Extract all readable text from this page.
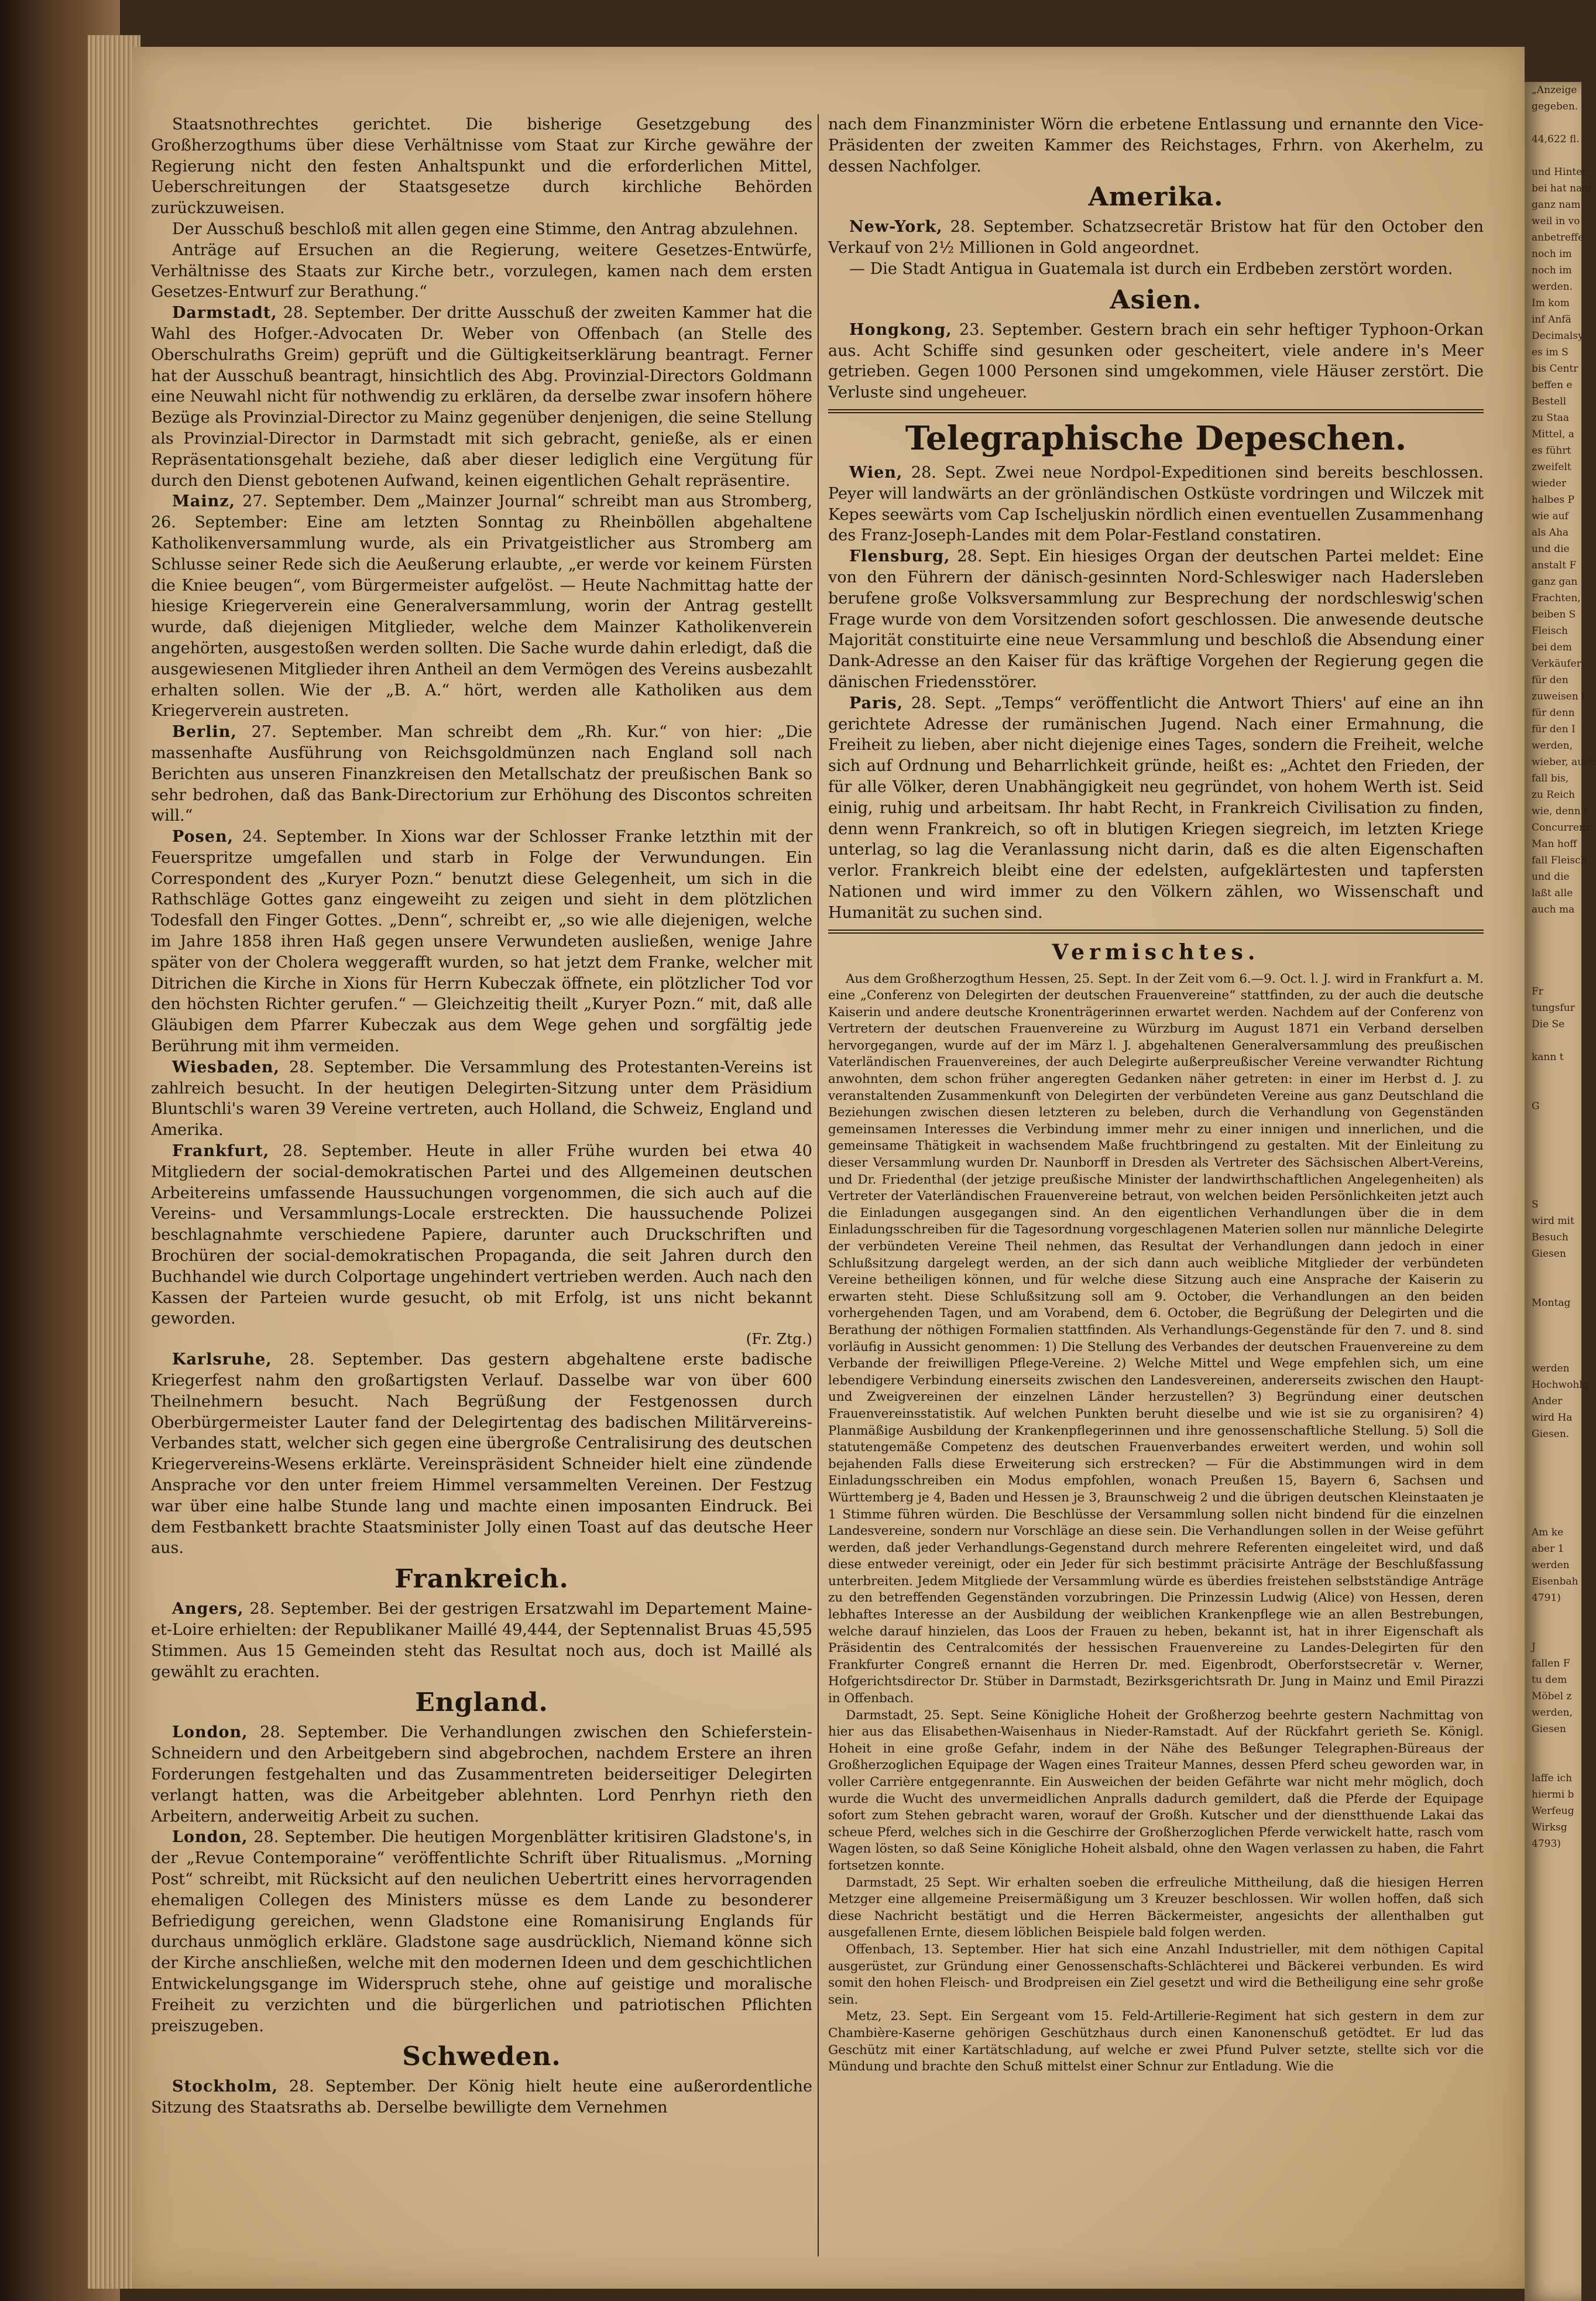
Staatsnothrechtes gerichtet. Die bisherige Gesetzgebung des Großherzogthums über diese Verhältnisse vom Staat zur Kirche gewähre der Regierung nicht den festen Anhaltspunkt und die erforderlichen Mittel, Ueberschreitungen der Staatsgesetze durch kirchliche Behörden zurückzuweisen.

Der Ausschuß beschloß mit allen gegen eine Stimme, den Antrag abzulehnen.

Anträge auf Ersuchen an die Regierung, weitere Gesetzes-Entwürfe, Verhältnisse des Staats zur Kirche betr., vorzulegen, kamen nach dem ersten Gesetzes-Entwurf zur Berathung.“

Darmstadt, 28. September. Der dritte Ausschuß der zweiten Kammer hat die Wahl des Hofger.-Advocaten Dr. Weber von Offenbach (an Stelle des Oberschulraths Greim) geprüft und die Gültigkeitserklärung beantragt. Ferner hat der Ausschuß beantragt, hinsichtlich des Abg. Provinzial-Directors Goldmann eine Neuwahl nicht für nothwendig zu erklären, da derselbe zwar insofern höhere Bezüge als Provinzial-Director zu Mainz gegenüber denjenigen, die seine Stellung als Provinzial-Director in Darmstadt mit sich gebracht, genieße, als er einen Repräsentationsgehalt beziehe, daß aber dieser lediglich eine Vergütung für durch den Dienst gebotenen Aufwand, keinen eigentlichen Gehalt repräsentire.

Mainz, 27. September. Dem „Mainzer Journal“ schreibt man aus Stromberg, 26. September: Eine am letzten Sonntag zu Rheinböllen abgehaltene Katholikenversammlung wurde, als ein Privatgeistlicher aus Stromberg am Schlusse seiner Rede sich die Aeußerung erlaubte, „er werde vor keinem Fürsten die Kniee beugen“, vom Bürgermeister aufgelöst. — Heute Nachmittag hatte der hiesige Kriegerverein eine Generalversammlung, worin der Antrag gestellt wurde, daß diejenigen Mitglieder, welche dem Mainzer Katholikenverein angehörten, ausgestoßen werden sollten. Die Sache wurde dahin erledigt, daß die ausgewiesenen Mitglieder ihren Antheil an dem Vermögen des Vereins ausbezahlt erhalten sollen. Wie der „B. A.“ hört, werden alle Katholiken aus dem Kriegerverein austreten.

Berlin, 27. September. Man schreibt dem „Rh. Kur.“ von hier: „Die massenhafte Ausführung von Reichsgoldmünzen nach England soll nach Berichten aus unseren Finanzkreisen den Metallschatz der preußischen Bank so sehr bedrohen, daß das Bank-Directorium zur Erhöhung des Discontos schreiten will.“

Posen, 24. September. In Xions war der Schlosser Franke letzthin mit der Feuerspritze umgefallen und starb in Folge der Verwundungen. Ein Correspondent des „Kuryer Pozn.“ benutzt diese Gelegenheit, um sich in die Rathschläge Gottes ganz eingeweiht zu zeigen und sieht in dem plötzlichen Todesfall den Finger Gottes. „Denn“, schreibt er, „so wie alle diejenigen, welche im Jahre 1858 ihren Haß gegen unsere Verwundeten ausließen, wenige Jahre später von der Cholera weggerafft wurden, so hat jetzt dem Franke, welcher mit Ditrichen die Kirche in Xions für Herrn Kubeczak öffnete, ein plötzlicher Tod vor den höchsten Richter gerufen.“ — Gleichzeitig theilt „Kuryer Pozn.“ mit, daß alle Gläubigen dem Pfarrer Kubeczak aus dem Wege gehen und sorgfältig jede Berührung mit ihm vermeiden.

Wiesbaden, 28. September. Die Versammlung des Protestanten-Vereins ist zahlreich besucht. In der heutigen Delegirten-Sitzung unter dem Präsidium Bluntschli's waren 39 Vereine vertreten, auch Holland, die Schweiz, England und Amerika.

Frankfurt, 28. September. Heute in aller Frühe wurden bei etwa 40 Mitgliedern der social-demokratischen Partei und des Allgemeinen deutschen Arbeitereins umfassende Haussuchungen vorgenommen, die sich auch auf die Vereins- und Versammlungs-Locale erstreckten. Die haussuchende Polizei beschlagnahmte verschiedene Papiere, darunter auch Druckschriften und Brochüren der social-demokratischen Propaganda, die seit Jahren durch den Buchhandel wie durch Colportage ungehindert vertrieben werden. Auch nach den Kassen der Parteien wurde gesucht, ob mit Erfolg, ist uns nicht bekannt geworden.

(Fr. Ztg.)

Karlsruhe, 28. September. Das gestern abgehaltene erste badische Kriegerfest nahm den großartigsten Verlauf. Dasselbe war von über 600 Theilnehmern besucht. Nach Begrüßung der Festgenossen durch Oberbürgermeister Lauter fand der Delegirtentag des badischen Militärvereins-Verbandes statt, welcher sich gegen eine übergroße Centralisirung des deutschen Kriegervereins-Wesens erklärte. Vereinspräsident Schneider hielt eine zündende Ansprache vor den unter freiem Himmel versammelten Vereinen. Der Festzug war über eine halbe Stunde lang und machte einen imposanten Eindruck. Bei dem Festbankett brachte Staatsminister Jolly einen Toast auf das deutsche Heer aus.

Frankreich.

Angers, 28. September. Bei der gestrigen Ersatzwahl im Departement Maine-et-Loire erhielten: der Republikaner Maillé 49,444, der Septennalist Bruas 45,595 Stimmen. Aus 15 Gemeinden steht das Resultat noch aus, doch ist Maillé als gewählt zu erachten.

England.

London, 28. September. Die Verhandlungen zwischen den Schieferstein-Schneidern und den Arbeitgebern sind abgebrochen, nachdem Erstere an ihren Forderungen festgehalten und das Zusammentreten beiderseitiger Delegirten verlangt hatten, was die Arbeitgeber ablehnten. Lord Penrhyn rieth den Arbeitern, anderweitig Arbeit zu suchen.

London, 28. September. Die heutigen Morgenblätter kritisiren Gladstone's, in der „Revue Contemporaine“ veröffentlichte Schrift über Ritualismus. „Morning Post“ schreibt, mit Rücksicht auf den neulichen Uebertritt eines hervorragenden ehemaligen Collegen des Ministers müsse es dem Lande zu besonderer Befriedigung gereichen, wenn Gladstone eine Romanisirung Englands für durchaus unmöglich erkläre. Gladstone sage ausdrücklich, Niemand könne sich der Kirche anschließen, welche mit den modernen Ideen und dem geschichtlichen Entwickelungsgange im Widerspruch stehe, ohne auf geistige und moralische Freiheit zu verzichten und die bürgerlichen und patriotischen Pflichten preiszugeben.

Schweden.

Stockholm, 28. September. Der König hielt heute eine außerordentliche Sitzung des Staatsraths ab. Derselbe bewilligte dem Vernehmen

nach dem Finanzminister Wörn die erbetene Entlassung und ernannte den Vice-Präsidenten der zweiten Kammer des Reichstages, Frhrn. von Akerhelm, zu dessen Nachfolger.

Amerika.

New-York, 28. September. Schatzsecretär Bristow hat für den October den Verkauf von 2½ Millionen in Gold angeordnet.

— Die Stadt Antigua in Guatemala ist durch ein Erdbeben zerstört worden.

Asien.

Hongkong, 23. September. Gestern brach ein sehr heftiger Typhoon-Orkan aus. Acht Schiffe sind gesunken oder gescheitert, viele andere in's Meer getrieben. Gegen 1000 Personen sind umgekommen, viele Häuser zerstört. Die Verluste sind ungeheuer.

Telegraphische Depeschen.

Wien, 28. Sept. Zwei neue Nordpol-Expeditionen sind bereits beschlossen. Peyer will landwärts an der grönländischen Ostküste vordringen und Wilczek mit Kepes seewärts vom Cap Ischeljuskin nördlich einen eventuellen Zusammenhang des Franz-Joseph-Landes mit dem Polar-Festland constatiren.

Flensburg, 28. Sept. Ein hiesiges Organ der deutschen Partei meldet: Eine von den Führern der dänisch-gesinnten Nord-Schleswiger nach Hadersleben berufene große Volksversammlung zur Besprechung der nordschleswig'schen Frage wurde von dem Vorsitzenden sofort geschlossen. Die anwesende deutsche Majorität constituirte eine neue Versammlung und beschloß die Absendung einer Dank-Adresse an den Kaiser für das kräftige Vorgehen der Regierung gegen die dänischen Friedensstörer.

Paris, 28. Sept. „Temps“ veröffentlicht die Antwort Thiers' auf eine an ihn gerichtete Adresse der rumänischen Jugend. Nach einer Ermahnung, die Freiheit zu lieben, aber nicht diejenige eines Tages, sondern die Freiheit, welche sich auf Ordnung und Beharrlichkeit gründe, heißt es: „Achtet den Frieden, der für alle Völker, deren Unabhängigkeit neu gegründet, von hohem Werth ist. Seid einig, ruhig und arbeitsam. Ihr habt Recht, in Frankreich Civilisation zu finden, denn wenn Frankreich, so oft in blutigen Kriegen siegreich, im letzten Kriege unterlag, so lag die Veranlassung nicht darin, daß es die alten Eigenschaften verlor. Frankreich bleibt eine der edelsten, aufgeklärtesten und tapfersten Nationen und wird immer zu den Völkern zählen, wo Wissenschaft und Humanität zu suchen sind.

Vermischtes.

Aus dem Großherzogthum Hessen, 25. Sept. In der Zeit vom 6.—9. Oct. l. J. wird in Frankfurt a. M. eine „Conferenz von Delegirten der deutschen Frauenvereine“ stattfinden, zu der auch die deutsche Kaiserin und andere deutsche Kronenträgerinnen erwartet werden. Nachdem auf der Conferenz von Vertretern der deutschen Frauenvereine zu Würzburg im August 1871 ein Verband derselben hervorgegangen, wurde auf der im März l. J. abgehaltenen Generalversammlung des preußischen Vaterländischen Frauenvereines, der auch Delegirte außerpreußischer Vereine verwandter Richtung anwohnten, dem schon früher angeregten Gedanken näher getreten: in einer im Herbst d. J. zu veranstaltenden Zusammenkunft von Delegirten der verbündeten Vereine aus ganz Deutschland die Beziehungen zwischen diesen letzteren zu beleben, durch die Verhandlung von Gegenständen gemeinsamen Interesses die Verbindung immer mehr zu einer innigen und innerlichen, und die gemeinsame Thätigkeit in wachsendem Maße fruchtbringend zu gestalten. Mit der Einleitung zu dieser Versammlung wurden Dr. Naunborff in Dresden als Vertreter des Sächsischen Albert-Vereins, und Dr. Friedenthal (der jetzige preußische Minister der landwirthschaftlichen Angelegenheiten) als Vertreter der Vaterländischen Frauenvereine betraut, von welchen beiden Persönlichkeiten jetzt auch die Einladungen ausgegangen sind. An den eigentlichen Verhandlungen über die in dem Einladungsschreiben für die Tagesordnung vorgeschlagenen Materien sollen nur männliche Delegirte der verbündeten Vereine Theil nehmen, das Resultat der Verhandlungen dann jedoch in einer Schlußsitzung dargelegt werden, an der sich dann auch weibliche Mitglieder der verbündeten Vereine betheiligen können, und für welche diese Sitzung auch eine Ansprache der Kaiserin zu erwarten steht. Diese Schlußsitzung soll am 9. October, die Verhandlungen an den beiden vorhergehenden Tagen, und am Vorabend, dem 6. October, die Begrüßung der Delegirten und die Berathung der nöthigen Formalien stattfinden. Als Verhandlungs-Gegenstände für den 7. und 8. sind vorläufig in Aussicht genommen: 1) Die Stellung des Verbandes der deutschen Frauenvereine zu dem Verbande der freiwilligen Pflege-Vereine. 2) Welche Mittel und Wege empfehlen sich, um eine lebendigere Verbindung einerseits zwischen den Landesvereinen, andererseits zwischen den Haupt- und Zweigvereinen der einzelnen Länder herzustellen? 3) Begründung einer deutschen Frauenvereinsstatistik. Auf welchen Punkten beruht dieselbe und wie ist sie zu organisiren? 4) Planmäßige Ausbildung der Krankenpflegerinnen und ihre genossenschaftliche Stellung. 5) Soll die statutengemäße Competenz des deutschen Frauenverbandes erweitert werden, und wohin soll bejahenden Falls diese Erweiterung sich erstrecken? — Für die Abstimmungen wird in dem Einladungsschreiben ein Modus empfohlen, wonach Preußen 15, Bayern 6, Sachsen und Württemberg je 4, Baden und Hessen je 3, Braunschweig 2 und die übrigen deutschen Kleinstaaten je 1 Stimme führen würden. Die Beschlüsse der Versammlung sollen nicht bindend für die einzelnen Landesvereine, sondern nur Vorschläge an diese sein. Die Verhandlungen sollen in der Weise geführt werden, daß jeder Verhandlungs-Gegenstand durch mehrere Referenten eingeleitet wird, und daß diese entweder vereinigt, oder ein Jeder für sich bestimmt präcisirte Anträge der Beschlußfassung unterbreiten. Jedem Mitgliede der Versammlung würde es überdies freistehen selbstständige Anträge zu den betreffenden Gegenständen vorzubringen. Die Prinzessin Ludwig (Alice) von Hessen, deren lebhaftes Interesse an der Ausbildung der weiblichen Krankenpflege wie an allen Bestrebungen, welche darauf hinzielen, das Loos der Frauen zu heben, bekannt ist, hat in ihrer Eigenschaft als Präsidentin des Centralcomités der hessischen Frauenvereine zu Landes-Delegirten für den Frankfurter Congreß ernannt die Herren Dr. med. Eigenbrodt, Oberforstsecretär v. Werner, Hofgerichtsdirector Dr. Stüber in Darmstadt, Bezirksgerichtsrath Dr. Jung in Mainz und Emil Pirazzi in Offenbach.

Darmstadt, 25. Sept. Seine Königliche Hoheit der Großherzog beehrte gestern Nachmittag von hier aus das Elisabethen-Waisenhaus in Nieder-Ramstadt. Auf der Rückfahrt gerieth Se. Königl. Hoheit in eine große Gefahr, indem in der Nähe des Beßunger Telegraphen-Büreaus der Großherzoglichen Equipage der Wagen eines Traiteur Mannes, dessen Pferd scheu geworden war, in voller Carrière entgegenrannte. Ein Ausweichen der beiden Gefährte war nicht mehr möglich, doch wurde die Wucht des unvermeidlichen Anpralls dadurch gemildert, daß die Pferde der Equipage sofort zum Stehen gebracht waren, worauf der Großh. Kutscher und der dienstthuende Lakai das scheue Pferd, welches sich in die Geschirre der Großherzoglichen Pferde verwickelt hatte, rasch vom Wagen lösten, so daß Seine Königliche Hoheit alsbald, ohne den Wagen verlassen zu haben, die Fahrt fortsetzen konnte.

Darmstadt, 25 Sept. Wir erhalten soeben die erfreuliche Mittheilung, daß die hiesigen Herren Metzger eine allgemeine Preisermäßigung um 3 Kreuzer beschlossen. Wir wollen hoffen, daß sich diese Nachricht bestätigt und die Herren Bäckermeister, angesichts der allenthalben gut ausgefallenen Ernte, diesem löblichen Beispiele bald folgen werden.

Offenbach, 13. September. Hier hat sich eine Anzahl Industrieller, mit dem nöthigen Capital ausgerüstet, zur Gründung einer Genossenschafts-Schlächterei und Bäckerei verbunden. Es wird somit den hohen Fleisch- und Brodpreisen ein Ziel gesetzt und wird die Betheiligung eine sehr große sein.

Metz, 23. Sept. Ein Sergeant vom 15. Feld-Artillerie-Regiment hat sich gestern in dem zur Chambière-Kaserne gehörigen Geschützhaus durch einen Kanonenschuß getödtet. Er lud das Geschütz mit einer Kartätschladung, auf welche er zwei Pfund Pulver setzte, stellte sich vor die Mündung und brachte den Schuß mittelst einer Schnur zur Entladung. Wie die

„Anzeige
gegeben.

44,622 fl.

und Hinter
bei hat nam
ganz nam
weil in vo
anbetreffe
noch im
noch im
werden.
Im kom
inf Anfä
Decimalsy
es im S
bis Centr
beffen e
Bestell
zu Staa
Mittel, a
es führt
zweifelt
wieder
halbes P
wie auf
als Aha
und die
anstalt F
ganz gan
Frachten,
beiben S
Fleisch
bei dem
Verkäufer
für den
zuweisen f
für denn
für den I
werden,
wieber, auch
fall bis,
zu Reich
wie, denn f
Concurrenz
Man hoff
fall Fleisch
und die
laßt alle
auch ma

Fr
tungsfur
Die Se

kann t

G

S
wird mit
Besuch
Giesen

Montag

werden
Hochwohlg
Ander
wird Ha
Giesen.

Am ke
aber 1
werden
Eisenbah
4791)

J
fallen F
tu dem
Möbel z
werden,
Giesen

laffe ich
hiermi b
Werfeug
Wirksg
4793)
